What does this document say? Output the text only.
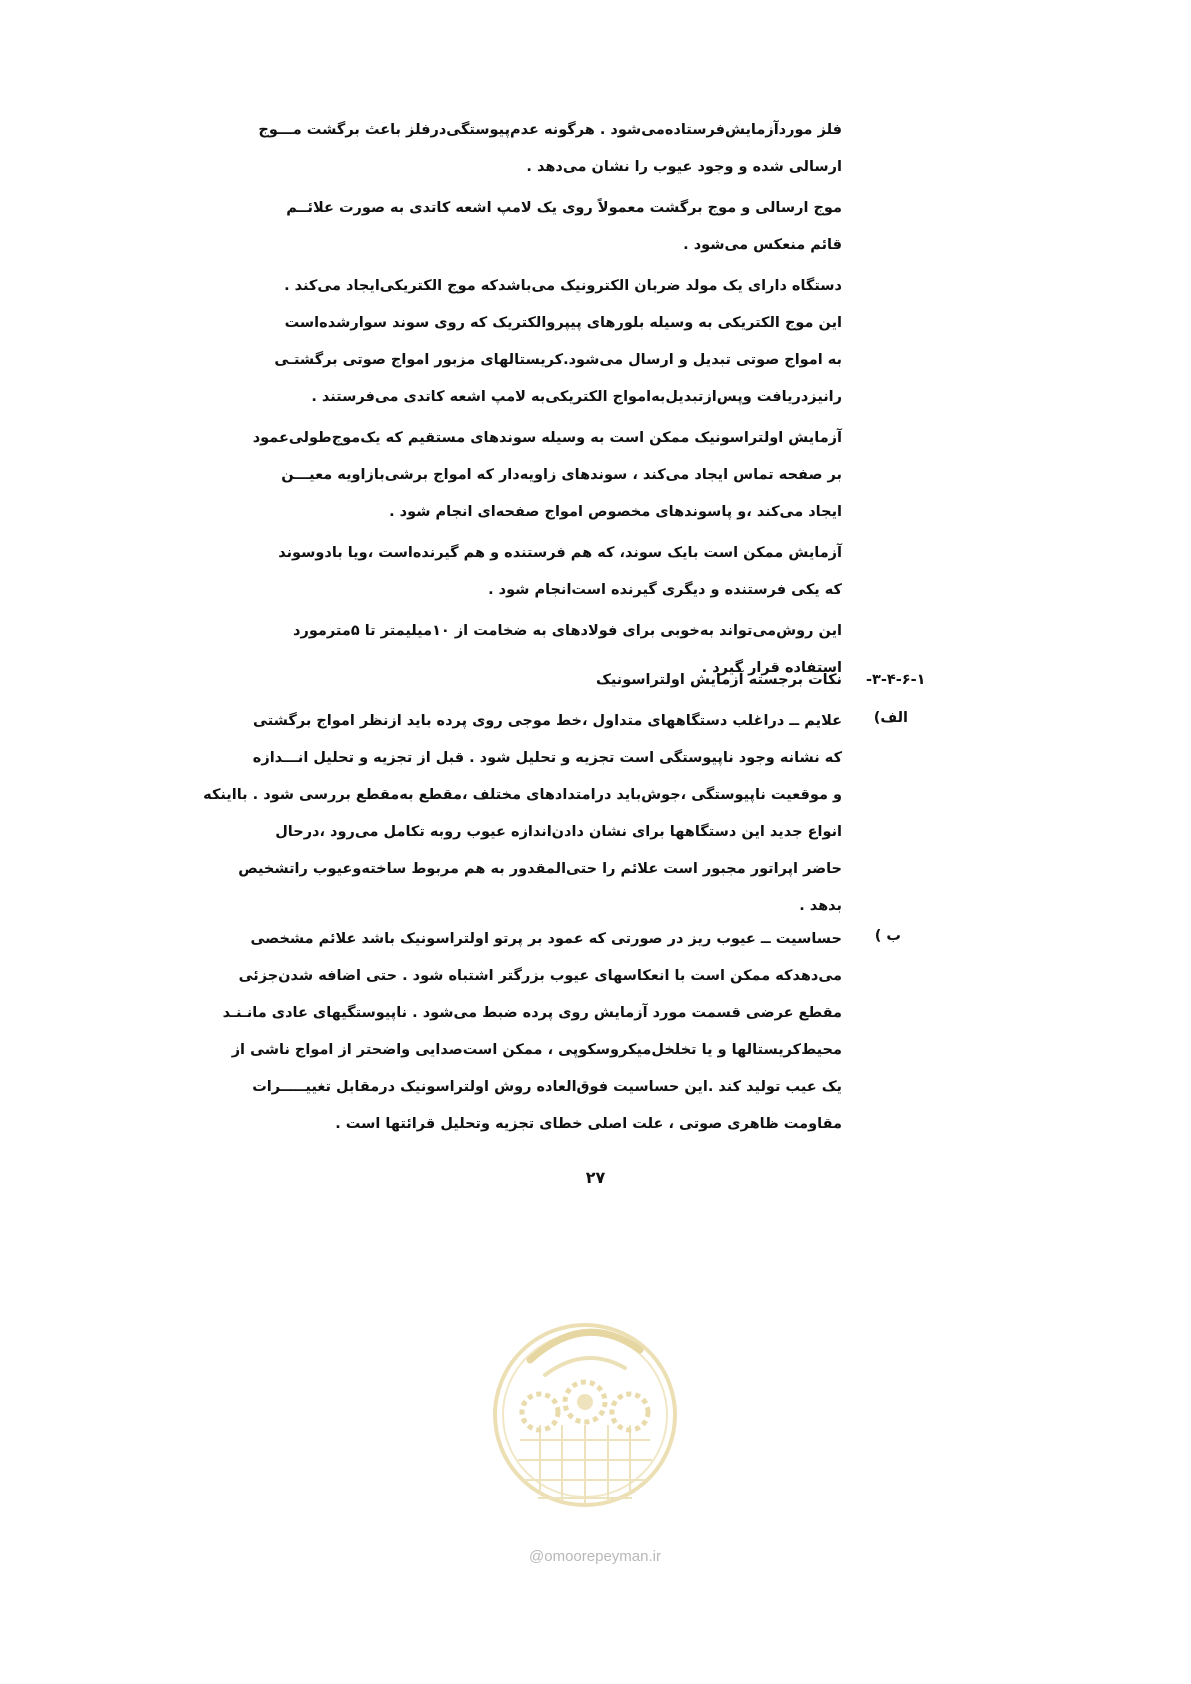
فلز موردآزمایش‌فرستاده‌می‌شود . هرگونه عدم‌پیوستگی‌درفلز باعث برگشت مـــوج
ارسالی شده و وجود عیوب را نشان می‌دهد .
موج ارسالی و موج برگشت معمولاً روی یک لامپ اشعه کاتدی به صورت علائــم
قائم منعکس می‌شود .
دستگاه دارای یک مولد ضربان الکترونیک می‌باشدکه موج الکتریکی‌ایجاد می‌کند .
این موج الکتریکی به وسیله بلورهای پیپروالکتریک که روی سوند سوارشده‌است
به امواج صوتی تبدیل و ارسال می‌شود.کریستالهای مزبور امواج صوتی برگشتـی
رانیزدریافت وپس‌ازتبدیل‌به‌امواج الکتریکی‌به لامپ اشعه کاتدی می‌فرستند .
آزمایش اولتراسونیک ممکن است به وسیله سوندهای مستقیم که یک‌موج‌طولی‌عمود
بر صفحه تماس ایجاد می‌کند ، سوندهای زاویه‌دار که امواج برشی‌بازاویه معیـــن
ایجاد می‌کند ،و پاسوندهای مخصوص امواج صفحه‌ای انجام شود .
آزمایش ممکن است بایک سوند، که هم فرستنده و هم گیرنده‌است ،ویا بادوسوند
که یکی فرستنده و دیگری گیرنده است‌انجام شود .
این روش‌می‌تواند به‌خوبی برای فولادهای به ضخامت از ۱۰میلیمتر تا ۵مترمورد
استفاده قرار گیرد .
۳-۴-۶-۱-
نکات برجسته آزمایش اولتراسونیک
الف)
علایم ــ دراغلب دستگاههای متداول ،خط موجی روی پرده باید ازنظر امواج برگشتی
که نشانه وجود ناپیوستگی است تجزیه و تحلیل شود . قبل از تجزیه و تحلیل انـــدازه
و موقعیت ناپیوستگی ،جوش‌باید درامتدادهای مختلف ،مقطع به‌مقطع بررسی شود . بااینکه
انواع جدید این دستگاهها برای نشان دادن‌اندازه عیوب روبه تکامل می‌رود ،درحال
حاضر اپراتور مجبور است علائم را حتی‌المقدور به هم مربوط ساخته‌وعیوب راتشخیص
بدهد .
ب )
حساسیت ــ عیوب ریز در صورتی که عمود بر پرتو اولتراسونیک باشد علائم مشخصی
می‌دهدکه ممکن است با انعکاسهای عیوب بزرگتر اشتباه شود . حتی اضافه شدن‌جزئی
مقطع عرضی قسمت مورد آزمایش روی پرده ضبط می‌شود . ناپیوستگیهای عادی مانـنـد
محیط‌کریستالها و یا تخلخل‌میکروسکوپی ، ممکن است‌صدایی واضحتر از امواج ناشی از
یک عیب تولید کند .این حساسیت فوق‌العاده روش اولتراسونیک درمقابل تغییـــــرات
مقاومت ظاهری صوتی ، علت اصلی خطای تجزیه وتحلیل قرائتها است .
۲۷
@omoorepeyman.ir
